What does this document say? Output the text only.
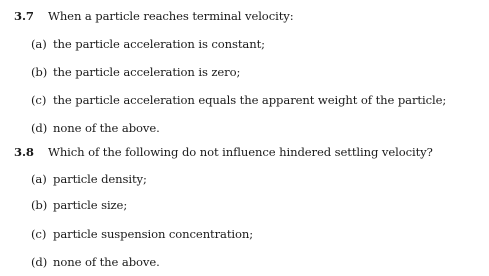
3.7 When a particle reaches terminal velocity:
(a) the particle acceleration is constant;
(b) the particle acceleration is zero;
(c) the particle acceleration equals the apparent weight of the particle;
(d) none of the above.
3.8 Which of the following do not influence hindered settling velocity?
(a) particle density;
(b) particle size;
(c) particle suspension concentration;
(d) none of the above.
